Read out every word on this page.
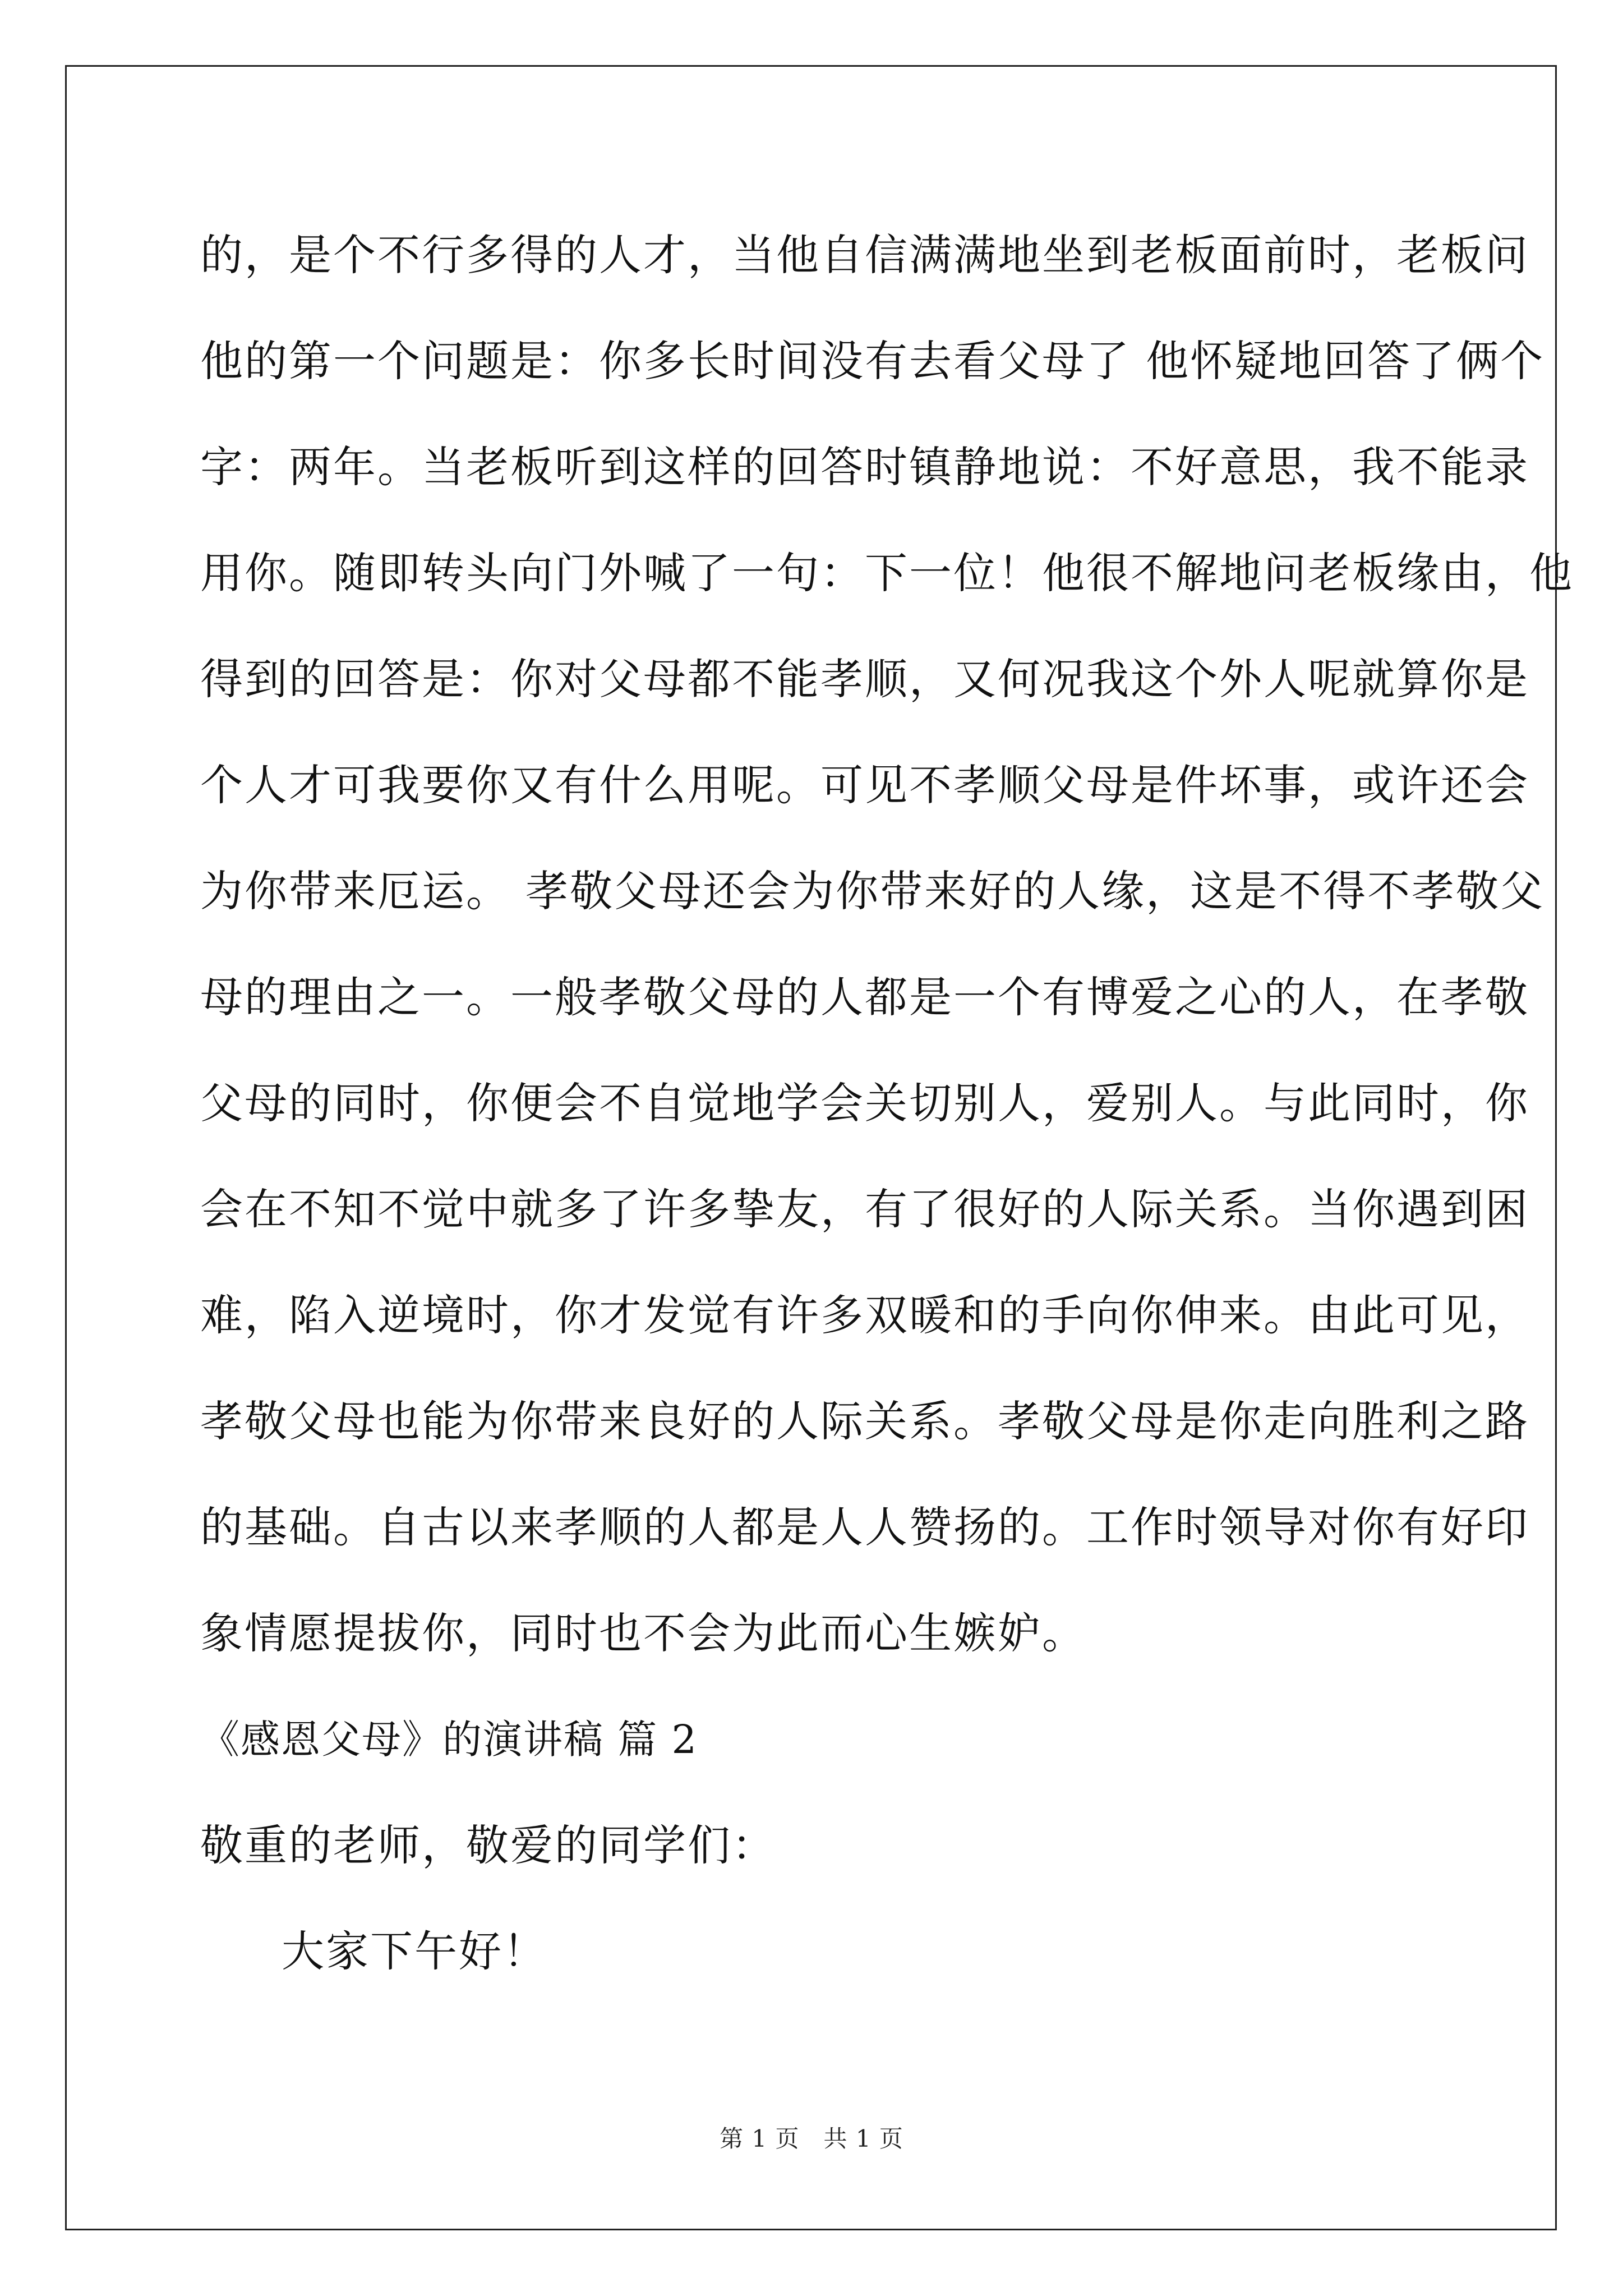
的，是个不行多得的人才，当他自信满满地坐到老板面前时，老板问
他的第一个问题是：你多长时间没有去看父母了 他怀疑地回答了俩个
字：两年。当老板听到这样的回答时镇静地说：不好意思，我不能录
用你。随即转头向门外喊了一句：下一位！他很不解地问老板缘由，他
得到的回答是：你对父母都不能孝顺，又何况我这个外人呢就算你是
个人才可我要你又有什么用呢。可见不孝顺父母是件坏事，或许还会
为你带来厄运。 孝敬父母还会为你带来好的人缘，这是不得不孝敬父
母的理由之一。一般孝敬父母的人都是一个有博爱之心的人，在孝敬
父母的同时，你便会不自觉地学会关切别人，爱别人。与此同时，你
会在不知不觉中就多了许多挚友，有了很好的人际关系。当你遇到困
难，陷入逆境时，你才发觉有许多双暖和的手向你伸来。由此可见，
孝敬父母也能为你带来良好的人际关系。孝敬父母是你走向胜利之路
的基础。自古以来孝顺的人都是人人赞扬的。工作时领导对你有好印
象情愿提拔你，同时也不会为此而心生嫉妒。
《感恩父母》的演讲稿 篇 2
敬重的老师，敬爱的同学们：
大家下午好！
第 1 页　共 1 页
